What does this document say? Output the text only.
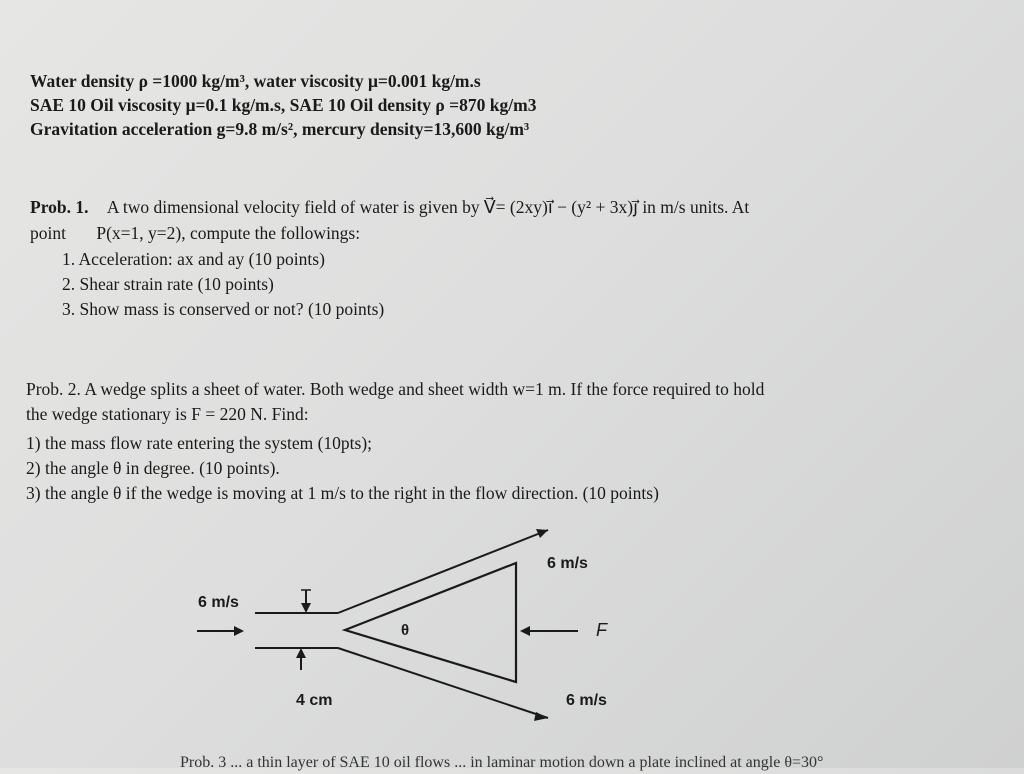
Water density ρ =1000 kg/m³, water viscosity μ=0.001 kg/m.s
SAE 10 Oil viscosity μ=0.1 kg/m.s, SAE 10 Oil density ρ =870 kg/m3
Gravitation acceleration g=9.8 m/s², mercury density=13,600 kg/m³
Prob. 1. A two dimensional velocity field of water is given by V⃗= (2xy)i⃗ − (y² + 3x)j⃗ in m/s units. At
point P(x=1, y=2), compute the followings:
1. Acceleration: ax and ay (10 points)
2. Shear strain rate (10 points)
3. Show mass is conserved or not? (10 points)
Prob. 2. A wedge splits a sheet of water. Both wedge and sheet width w=1 m. If the force required to hold
the wedge stationary is F = 220 N. Find:
1) the mass flow rate entering the system (10pts);
2) the angle θ in degree. (10 points).
3) the angle θ if the wedge is moving at 1 m/s to the right in the flow direction. (10 points)
6 m/s
6 m/s
6 m/s
θ	F
4 cm
Prob. 3 ... a thin layer of SAE 10 oil flows ... in laminar motion down a plate inclined at angle θ=30°
